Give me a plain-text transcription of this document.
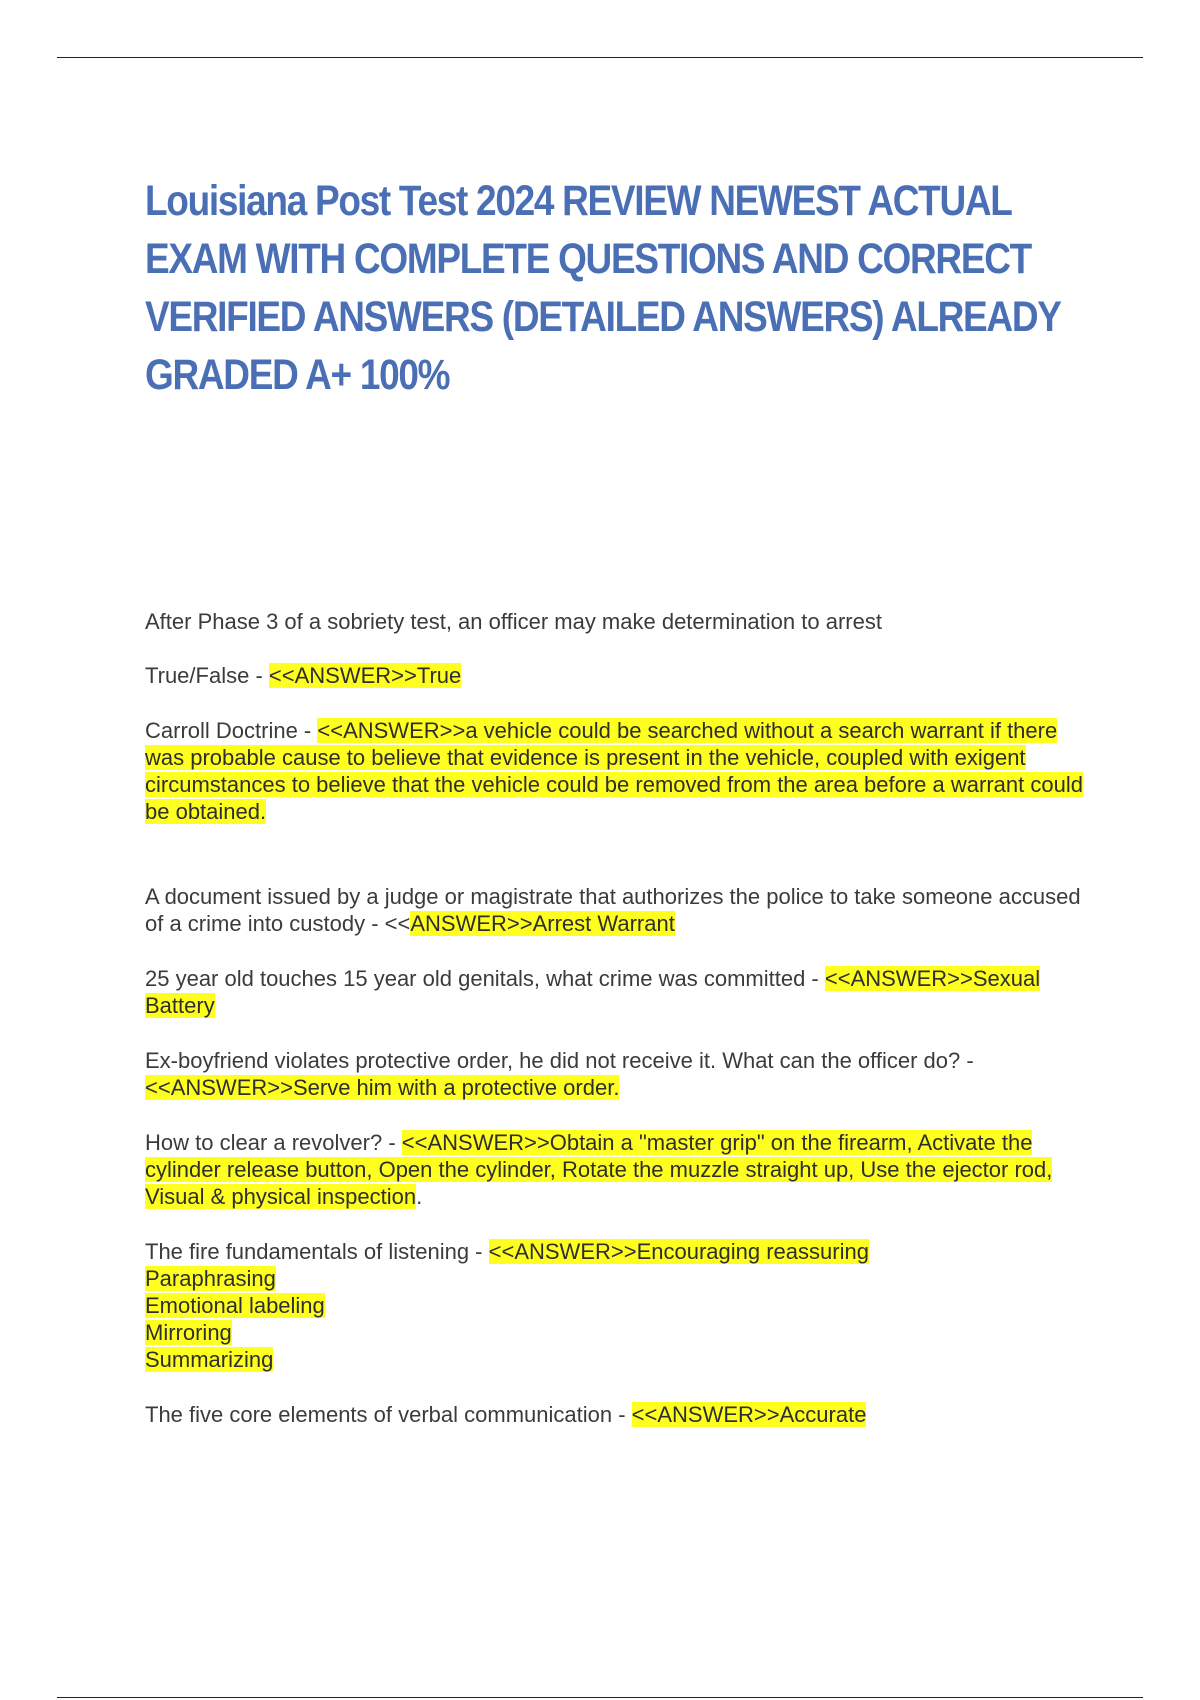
Louisiana Post Test 2024 REVIEW NEWEST ACTUAL EXAM WITH COMPLETE QUESTIONS AND CORRECT VERIFIED ANSWERS (DETAILED ANSWERS) ALREADY GRADED A+ 100%

After Phase 3 of a sobriety test, an officer may make determination to arrest

True/False - <<ANSWER>>True

Carroll Doctrine - <<ANSWER>>a vehicle could be searched without a search warrant if there was probable cause to believe that evidence is present in the vehicle, coupled with exigent circumstances to believe that the vehicle could be removed from the area before a warrant could be obtained.

A document issued by a judge or magistrate that authorizes the police to take someone accused of a crime into custody - <<ANSWER>>Arrest Warrant

25 year old touches 15 year old genitals, what crime was committed - <<ANSWER>>Sexual Battery

Ex-boyfriend violates protective order, he did not receive it. What can the officer do? - <<ANSWER>>Serve him with a protective order.

How to clear a revolver? - <<ANSWER>>Obtain a "master grip" on the firearm, Activate the cylinder release button, Open the cylinder, Rotate the muzzle straight up, Use the ejector rod, Visual & physical inspection.

The fire fundamentals of listening - <<ANSWER>>Encouraging reassuring
Paraphrasing
Emotional labeling
Mirroring
Summarizing

The five core elements of verbal communication - <<ANSWER>>Accurate
